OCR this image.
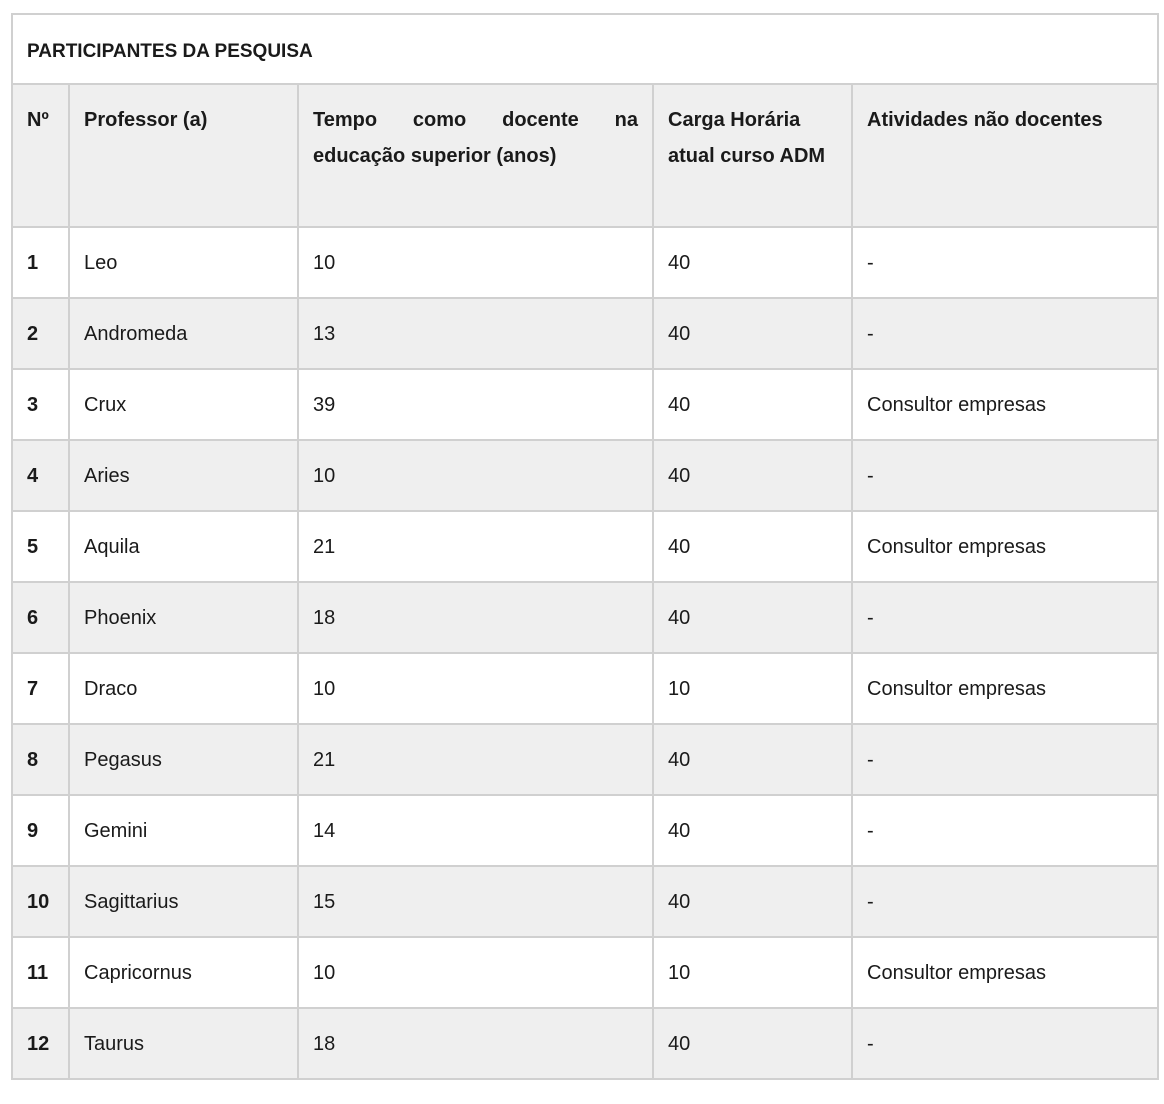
PARTICIPANTES DA PESQUISA				
Nº	Professor (a)	Tempo como docente na educação superior (anos)	Carga Horária atual curso ADM	Atividades não docentes
1	Leo	10	40	-
2	Andromeda	13	40	-
3	Crux	39	40	Consultor empresas
4	Aries	10	40	-
5	Aquila	21	40	Consultor empresas
6	Phoenix	18	40	-
7	Draco	10	10	Consultor empresas
8	Pegasus	21	40	-
9	Gemini	14	40	-
10	Sagittarius	15	40	-
11	Capricornus	10	10	Consultor empresas
12	Taurus	18	40	-
